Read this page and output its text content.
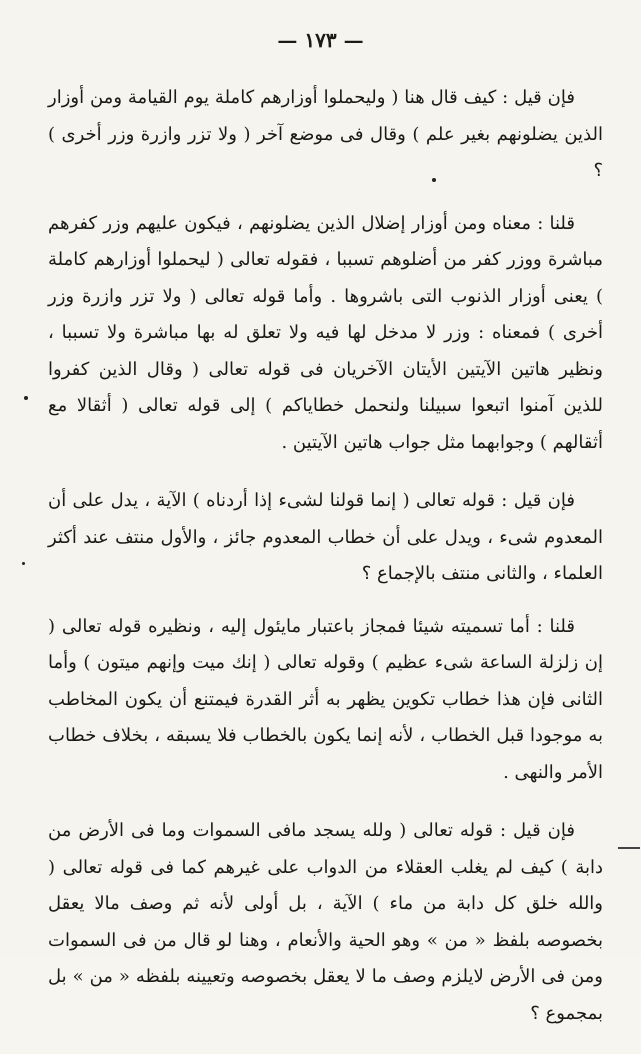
— ١٧٣ —

فإن قيل : كيف قال هنا ( وليحملوا أوزارهم كاملة يوم القيامة ومن أوزار الذين يضلونهم بغير علم ) وقال فى موضع آخر ( ولا تزر وازرة وزر أخرى ) ؟

قلنا : معناه ومن أوزار إضلال الذين يضلونهم ، فيكون عليهم وزر كفرهم مباشرة ووزر كفر من أضلوهم تسببا ، فقوله تعالى ( ليحملوا أوزارهم كاملة ) يعنى أوزار الذنوب التى باشروها . وأما قوله تعالى ( ولا تزر وازرة وزر أخرى ) فمعناه : وزر لا مدخل لها فيه ولا تعلق له بها مباشرة ولا تسببا ، ونظير هاتين الآيتين الأيتان الآخريان فى قوله تعالى ( وقال الذين كفروا للذين آمنوا اتبعوا سبيلنا ولنحمل خطاياكم ) إلى قوله تعالى ( أثقالا مع أثقالهم ) وجوابهما مثل جواب هاتين الآيتين .

فإن قيل : قوله تعالى ( إنما قولنا لشىء إذا أردناه ) الآية ، يدل على أن المعدوم شىء ، ويدل على أن خطاب المعدوم جائز ، والأول منتف عند أكثر العلماء ، والثانى منتف بالإجماع ؟

قلنا : أما تسميته شيئا فمجاز باعتبار مايئول إليه ، ونظيره قوله تعالى ( إن زلزلة الساعة شىء عظيم ) وقوله تعالى ( إنك ميت وإنهم ميتون ) وأما الثانى فإن هذا خطاب تكوين يظهر به أثر القدرة فيمتنع أن يكون المخاطب به موجودا قبل الخطاب ، لأنه إنما يكون بالخطاب فلا يسبقه ، بخلاف خطاب الأمر والنهى .

فإن قيل : قوله تعالى ( ولله يسجد مافى السموات وما فى الأرض من دابة ) كيف لم يغلب العقلاء من الدواب على غيرهم كما فى قوله تعالى ( والله خلق كل دابة من ماء ) الآية ، بل أولى لأنه ثم وصف مالا يعقل بخصوصه بلفظ « من » وهو الحية والأنعام ، وهنا لو قال من فى السموات ومن فى الأرض لايلزم وصف ما لا يعقل بخصوصه وتعيينه بلفظه « من » بل بمجموع ؟
